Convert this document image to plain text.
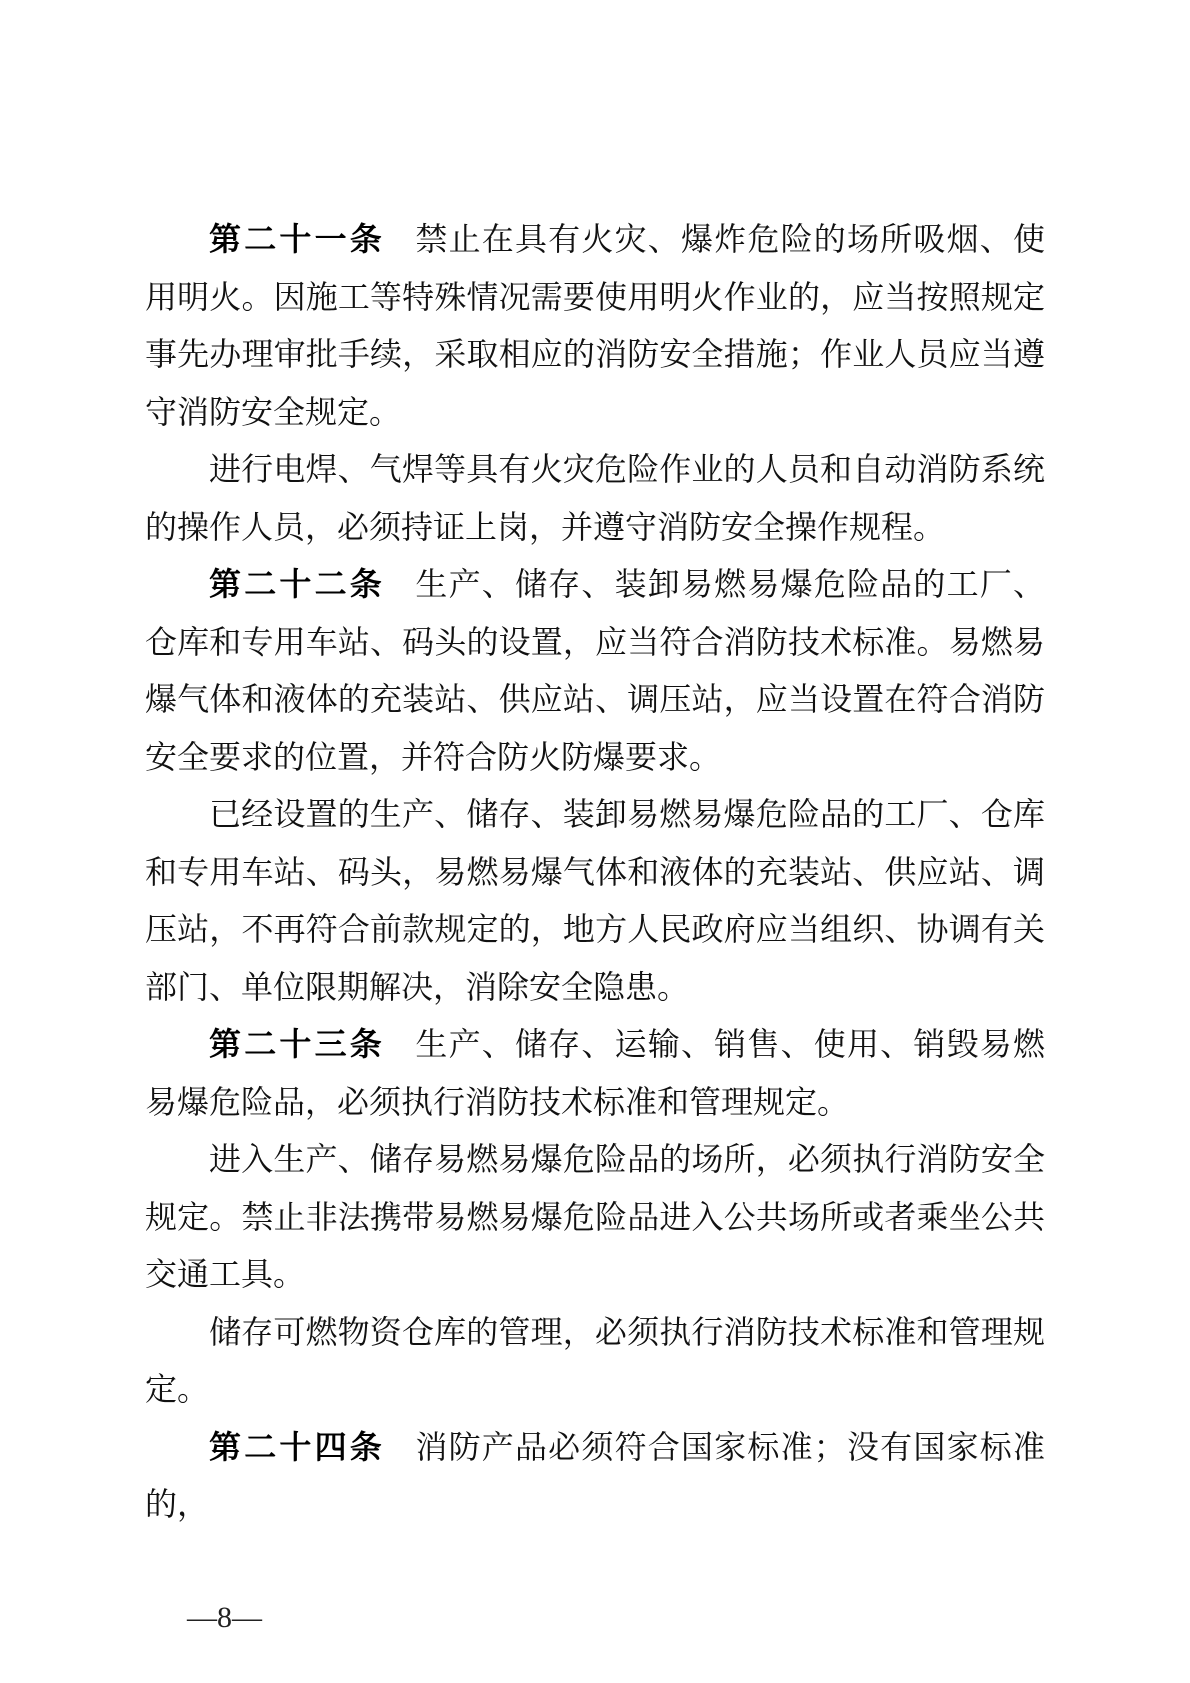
第二十一条 禁止在具有火灾、爆炸危险的场所吸烟、使用明火。因施工等特殊情况需要使用明火作业的，应当按照规定事先办理审批手续，采取相应的消防安全措施；作业人员应当遵守消防安全规定。

进行电焊、气焊等具有火灾危险作业的人员和自动消防系统的操作人员，必须持证上岗，并遵守消防安全操作规程。

第二十二条 生产、储存、装卸易燃易爆危险品的工厂、仓库和专用车站、码头的设置，应当符合消防技术标准。易燃易爆气体和液体的充装站、供应站、调压站，应当设置在符合消防安全要求的位置，并符合防火防爆要求。

已经设置的生产、储存、装卸易燃易爆危险品的工厂、仓库和专用车站、码头，易燃易爆气体和液体的充装站、供应站、调压站，不再符合前款规定的，地方人民政府应当组织、协调有关部门、单位限期解决，消除安全隐患。

第二十三条 生产、储存、运输、销售、使用、销毁易燃易爆危险品，必须执行消防技术标准和管理规定。

进入生产、储存易燃易爆危险品的场所，必须执行消防安全规定。禁止非法携带易燃易爆危险品进入公共场所或者乘坐公共交通工具。

储存可燃物资仓库的管理，必须执行消防技术标准和管理规定。

第二十四条 消防产品必须符合国家标准；没有国家标准的，

—8—
